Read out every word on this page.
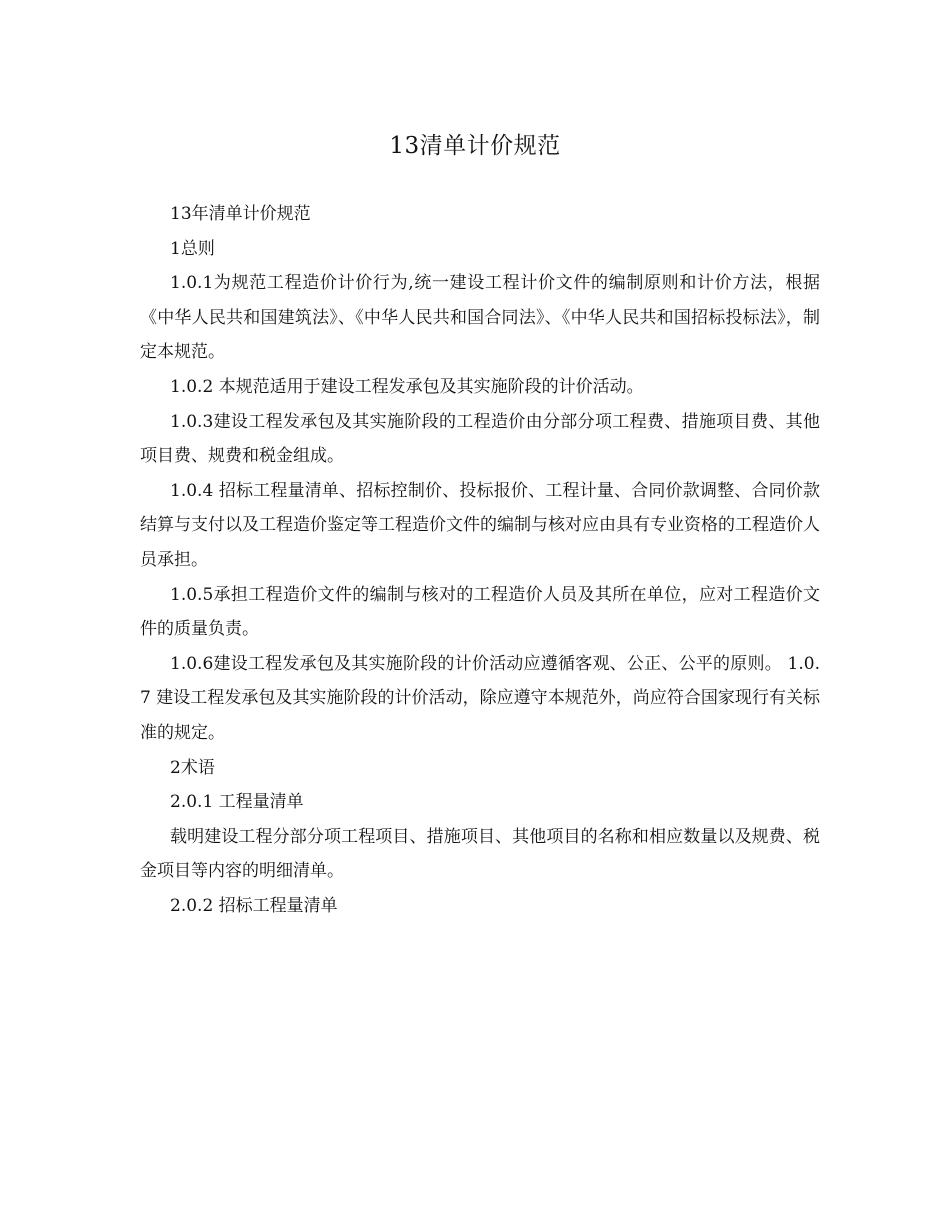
13清单计价规范

13年清单计价规范

1总则

1.0.1为规范工程造价计价行为,统一建设工程计价文件的编制原则和计价方法，根据《中华人民共和国建筑法》、《中华人民共和国合同法》、《中华人民共和国招标投标法》，制定本规范。

1.0.2 本规范适用于建设工程发承包及其实施阶段的计价活动。

1.0.3建设工程发承包及其实施阶段的工程造价由分部分项工程费、措施项目费、其他项目费、规费和税金组成。

1.0.4 招标工程量清单、招标控制价、投标报价、工程计量、合同价款调整、合同价款结算与支付以及工程造价鉴定等工程造价文件的编制与核对应由具有专业资格的工程造价人员承担。

1.0.5承担工程造价文件的编制与核对的工程造价人员及其所在单位，应对工程造价文件的质量负责。

1.0.6建设工程发承包及其实施阶段的计价活动应遵循客观、公正、公平的原则。 1.0.7 建设工程发承包及其实施阶段的计价活动，除应遵守本规范外，尚应符合国家现行有关标准的规定。

2术语

2.0.1 工程量清单

载明建设工程分部分项工程项目、措施项目、其他项目的名称和相应数量以及规费、税金项目等内容的明细清单。

2.0.2 招标工程量清单
